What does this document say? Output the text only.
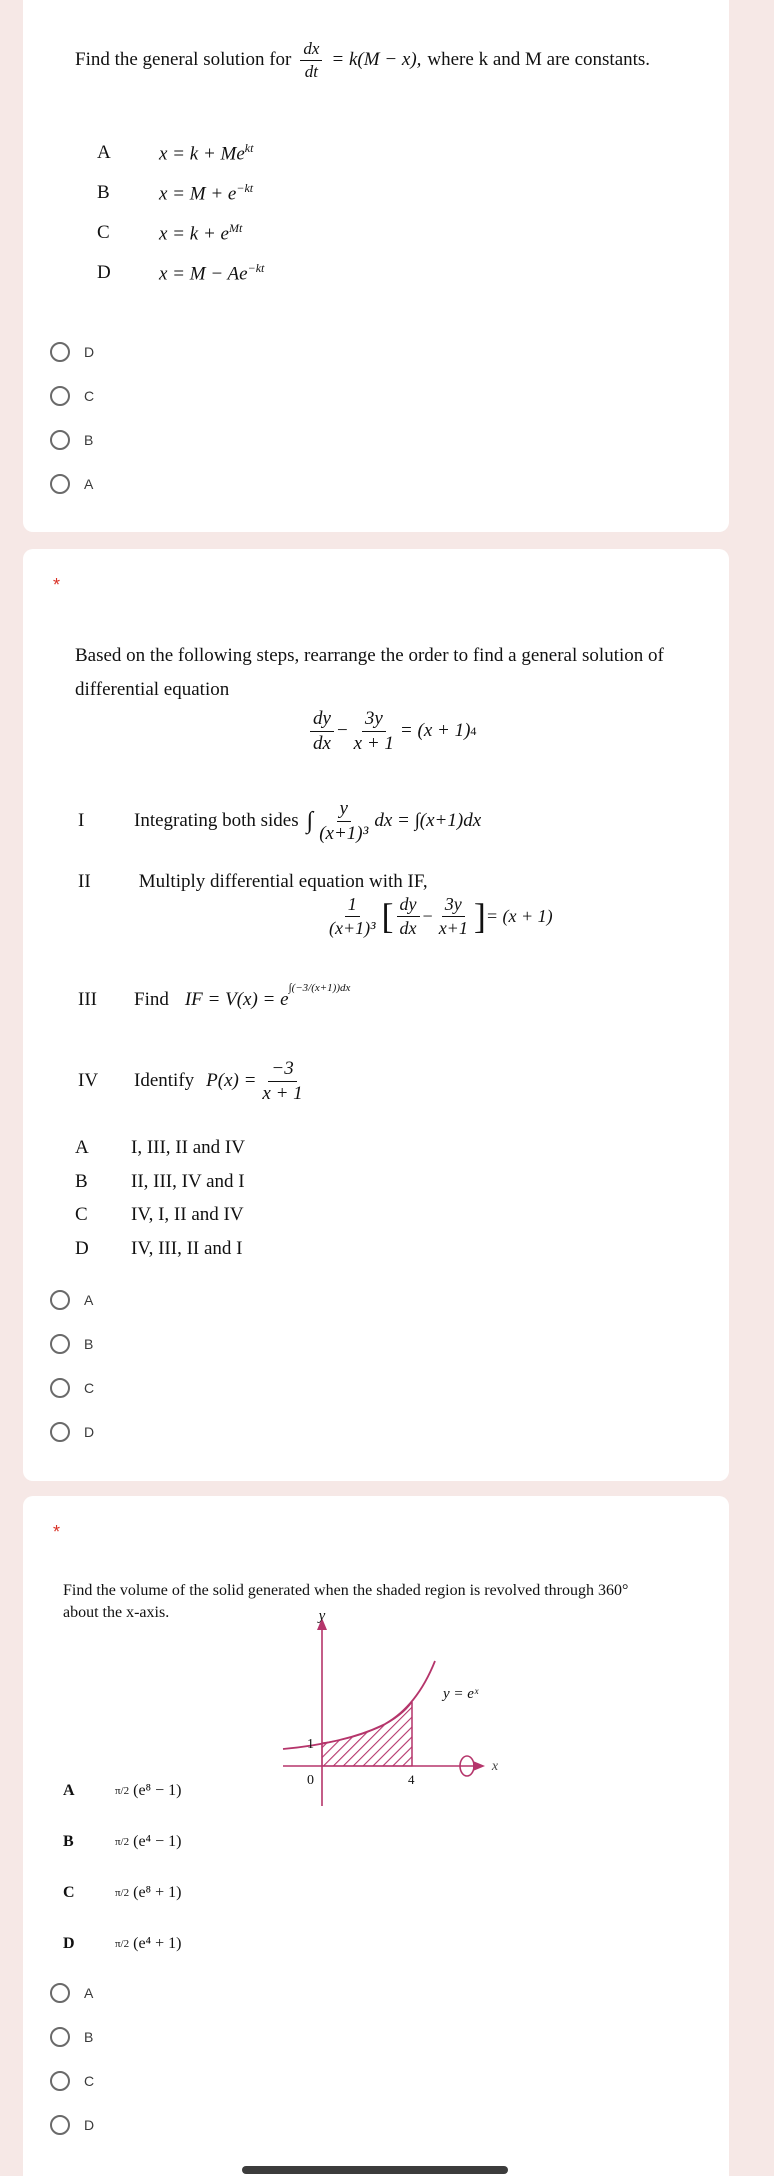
Find the general solution for $\frac{dx}{dt} = k(M - x)$, where k and M are constants.
A	$x = k + Me^{kt}$
B	$x = M + e^{-kt}$
C	$x = k + e^{Mt}$
D	$x = M - Ae^{-kt}$
D
C
B
A
*
Based on the following steps, rearrange the order to find a general solution of
differential equation
$\frac{dy}{dx} - \frac{3y}{x + 1} = (x + 1)$ 4
I	Integrating both sides ∫ $\frac{y}{\text{(x+1)³}}$ dx = ∫(x+1)dx
II	Multiply differential equation with IF,
$\frac{1}{\text{(x+1)³}}$ [ $\frac{dy}{dx} - \frac{3y}{x+1}$ ] = (x + 1)
III	Find IF = V(x) = e
∫(−3/(x+1))dx
IV	Identify $P(x) = \frac{-3}{x + 1}$
A	I, III, II and IV
B	II, III, IV and I
C	IV, I, II and IV
D	IV, III, II and I
A
B
C
D
*
Find the volume of the solid generated when the shaded region is revolved through 360°
about the x-axis.	y
x
y = eˣ
0
1
4
A	π/2 (e⁸ − 1)
B	π/2 (e⁴ − 1)
C	π/2 (e⁸ + 1)
D	π/2 (e⁴ + 1)
A
B
C
D
